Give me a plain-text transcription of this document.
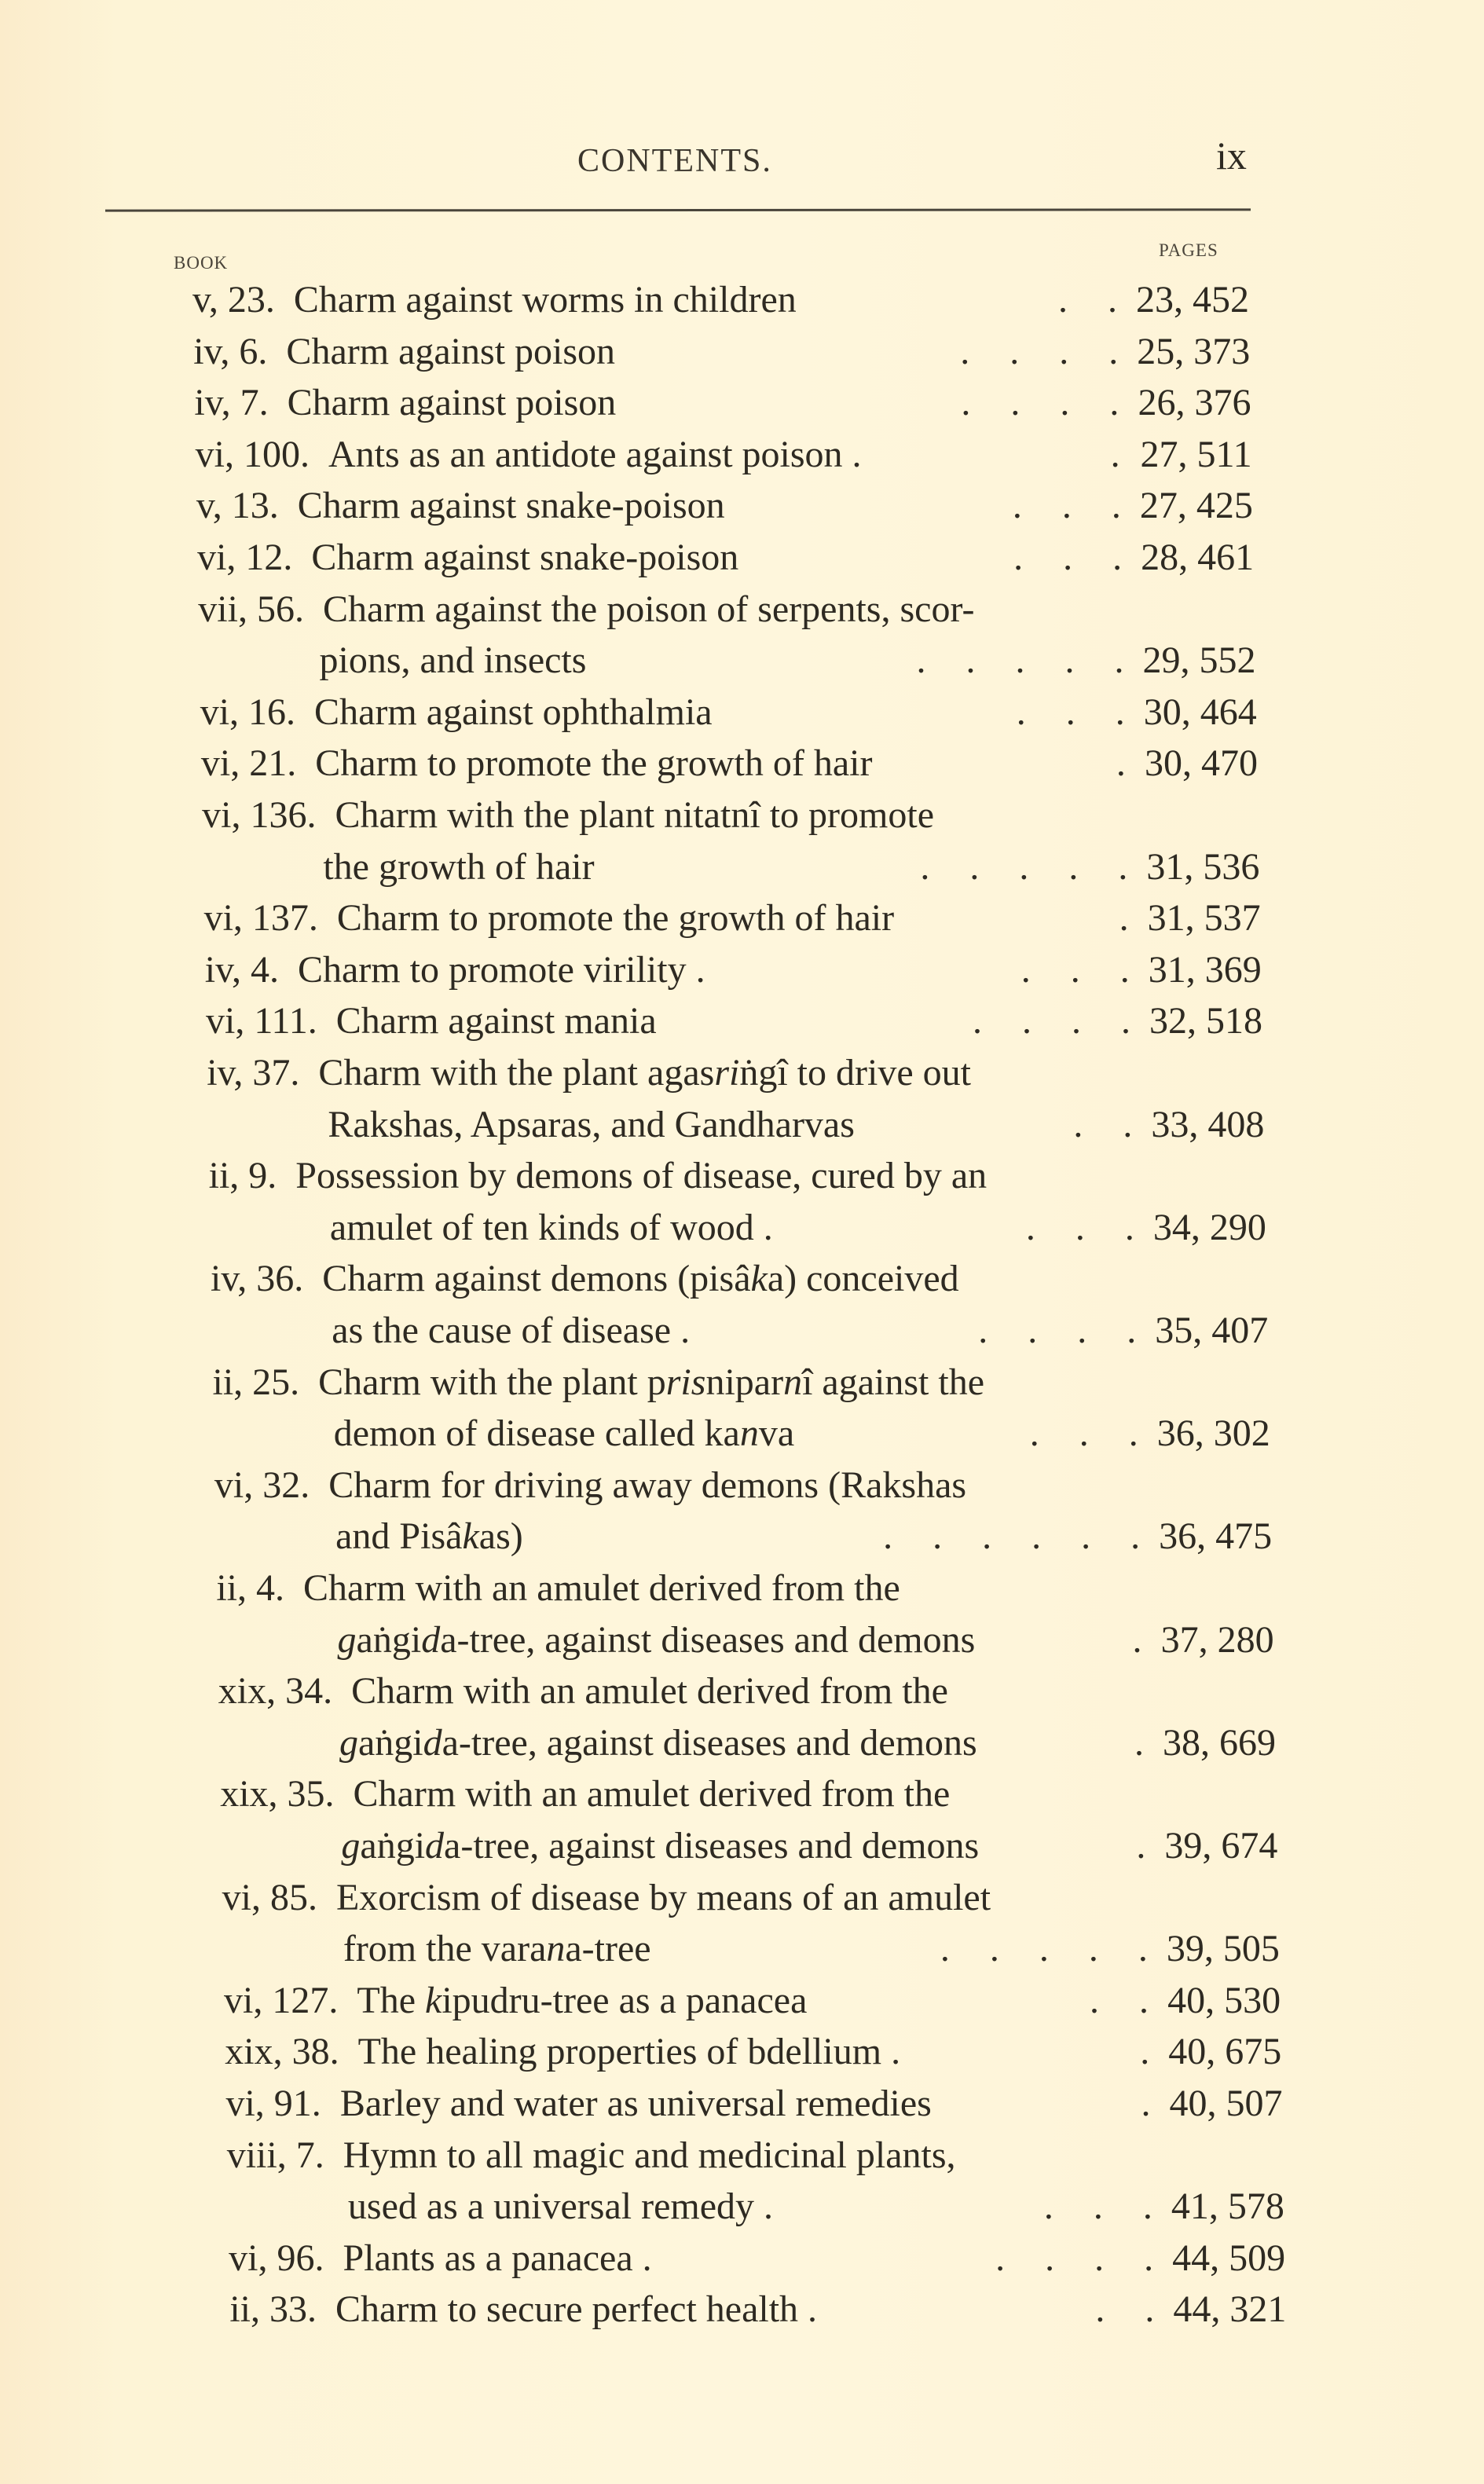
CONTENTS.	ix
BOOK
PAGES
v, 23. Charm against worms in children	23, 452
.
.
iv, 6. Charm against poison	25, 373
.
.
.
.
iv, 7. Charm against poison	26, 376
.
.
.
.
vi, 100. Ants as an antidote against poison .	27, 511
.
v, 13. Charm against snake-poison	27, 425
.
.
.
vi, 12. Charm against snake-poison	28, 461
.
.
.
vii, 56. Charm against the poison of serpents, scor-
pions, and insects	29, 552
.
.
.
.
.
vi, 16. Charm against ophthalmia	30, 464
.
.
.
vi, 21. Charm to promote the growth of hair	30, 470
.
vi, 136. Charm with the plant nitatnî to promote
the growth of hair	31, 536
.
.
.
.
.
vi, 137. Charm to promote the growth of hair	31, 537
.
iv, 4. Charm to promote virility .	31, 369
.
.
.
vi, 111. Charm against mania	32, 518
.
.
.
.
iv, 37. Charm with the plant agasriṅgî to drive out
Rakshas, Apsaras, and Gandharvas	33, 408
.
.
ii, 9. Possession by demons of disease, cured by an
amulet of ten kinds of wood .	34, 290
.
.
.
iv, 36. Charm against demons (pisâka) conceived
as the cause of disease .	35, 407
.
.
.
.
ii, 25. Charm with the plant prisniparnî against the
demon of disease called kanva	36, 302
.
.
.
vi, 32. Charm for driving away demons (Rakshas
and Pisâkas)	36, 475
.
.
.
.
.
.
ii, 4. Charm with an amulet derived from the
gaṅgida-tree, against diseases and demons	37, 280
.
xix, 34. Charm with an amulet derived from the
gaṅgida-tree, against diseases and demons	38, 669
.
xix, 35. Charm with an amulet derived from the
gaṅgida-tree, against diseases and demons	39, 674
.
vi, 85. Exorcism of disease by means of an amulet
from the varana-tree	39, 505
.
.
.
.
.
vi, 127. The kipudru-tree as a panacea	40, 530
.
.
xix, 38. The healing properties of bdellium .	40, 675
.
vi, 91. Barley and water as universal remedies	40, 507
.
viii, 7. Hymn to all magic and medicinal plants,
used as a universal remedy .	41, 578
.
.
.
vi, 96. Plants as a panacea .	44, 509
.
.
.
.
ii, 33. Charm to secure perfect health .	44, 321
.
.
